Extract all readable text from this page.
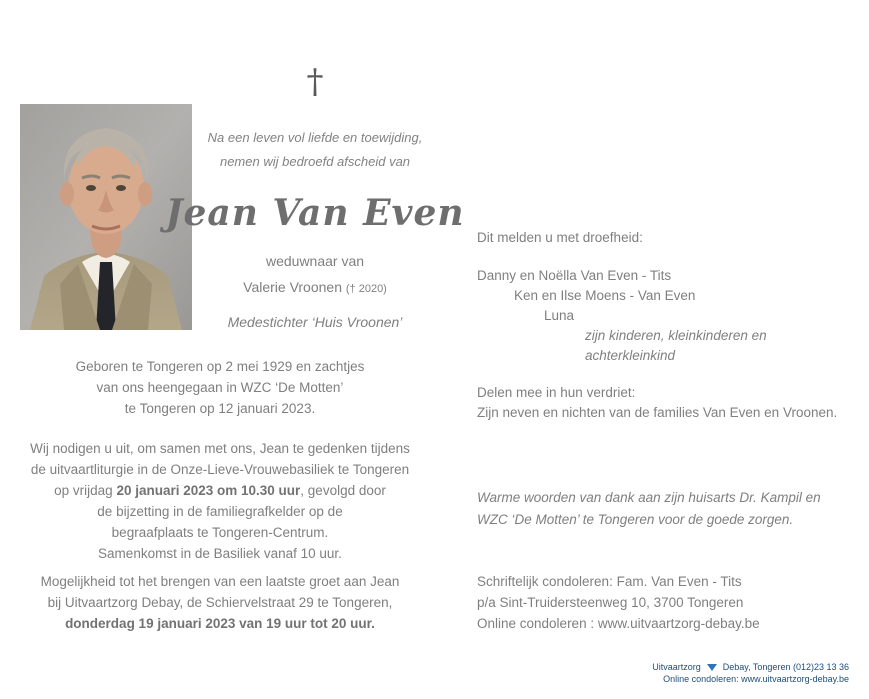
†
Na een leven vol liefde en toewijding,
nemen wij bedroefd afscheid van
Jean Van Even
weduwnaar van
Valerie Vroonen († 2020)
Medestichter ‘Huis Vroonen’
Geboren te Tongeren op 2 mei 1929 en zachtjes
van ons heengegaan in WZC ‘De Motten’
te Tongeren op 12 januari 2023.
Wij nodigen u uit, om samen met ons, Jean te gedenken tijdens
de uitvaartliturgie in de Onze-Lieve-Vrouwebasiliek te Tongeren
op vrijdag 20 januari 2023 om 10.30 uur, gevolgd door
de bijzetting in de familiegrafkelder op de
begraafplaats te Tongeren-Centrum.
Samenkomst in de Basiliek vanaf 10 uur.
Mogelijkheid tot het brengen van een laatste groet aan Jean
bij Uitvaartzorg Debay, de Schiervelstraat 29 te Tongeren,
donderdag 19 januari 2023 van 19 uur tot 20 uur.
Dit melden u met droefheid:
Danny en Noëlla Van Even - Tits
Ken en Ilse Moens - Van Even
Luna
zijn kinderen, kleinkinderen en achterkleinkind
Delen mee in hun verdriet:
Zijn neven en nichten van de families Van Even en Vroonen.
Warme woorden van dank aan zijn huisarts Dr. Kampil en
WZC ‘De Motten’ te Tongeren voor de goede zorgen.
Schriftelijk condoleren: Fam. Van Even - Tits
p/a Sint-Truidersteenweg 10, 3700 Tongeren
Online condoleren : www.uitvaartzorg-debay.be
Uitvaartzorg Debay, Tongeren (012)23 13 36
Online condoleren: www.uitvaartzorg-debay.be
